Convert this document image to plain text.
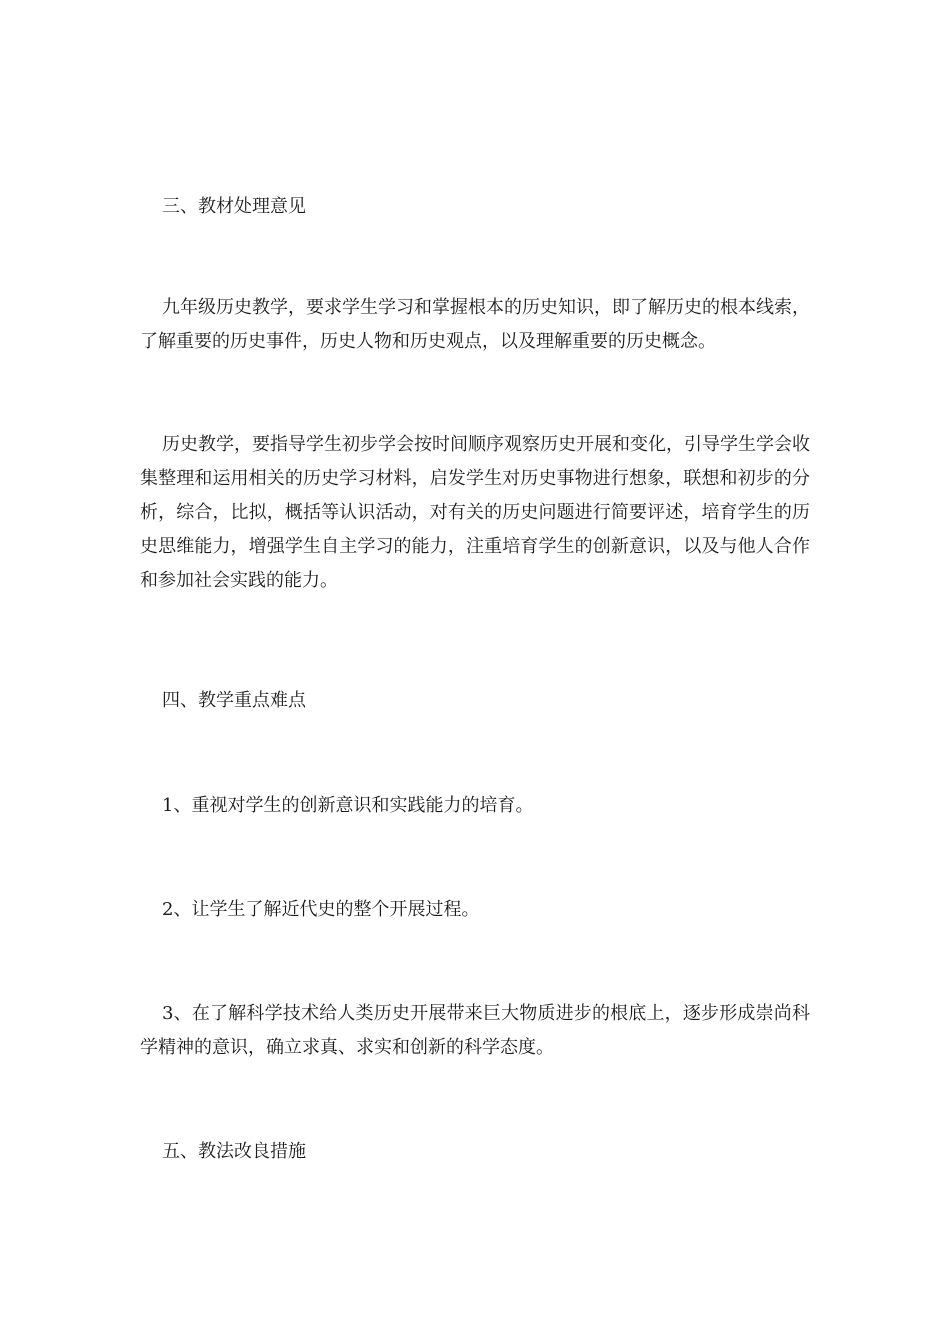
三、教材处理意见

九年级历史教学，要求学生学习和掌握根本的历史知识，即了解历史的根本线索，了解重要的历史事件，历史人物和历史观点，以及理解重要的历史概念。

历史教学，要指导学生初步学会按时间顺序观察历史开展和变化，引导学生学会收集整理和运用相关的历史学习材料，启发学生对历史事物进行想象，联想和初步的分析，综合，比拟，概括等认识活动，对有关的历史问题进行简要评述，培育学生的历史思维能力，增强学生自主学习的能力，注重培育学生的创新意识，以及与他人合作和参加社会实践的能力。

四、教学重点难点

1、重视对学生的创新意识和实践能力的培育。

2、让学生了解近代史的整个开展过程。

3、在了解科学技术给人类历史开展带来巨大物质进步的根底上，逐步形成崇尚科学精神的意识，确立求真、求实和创新的科学态度。

五、教法改良措施
